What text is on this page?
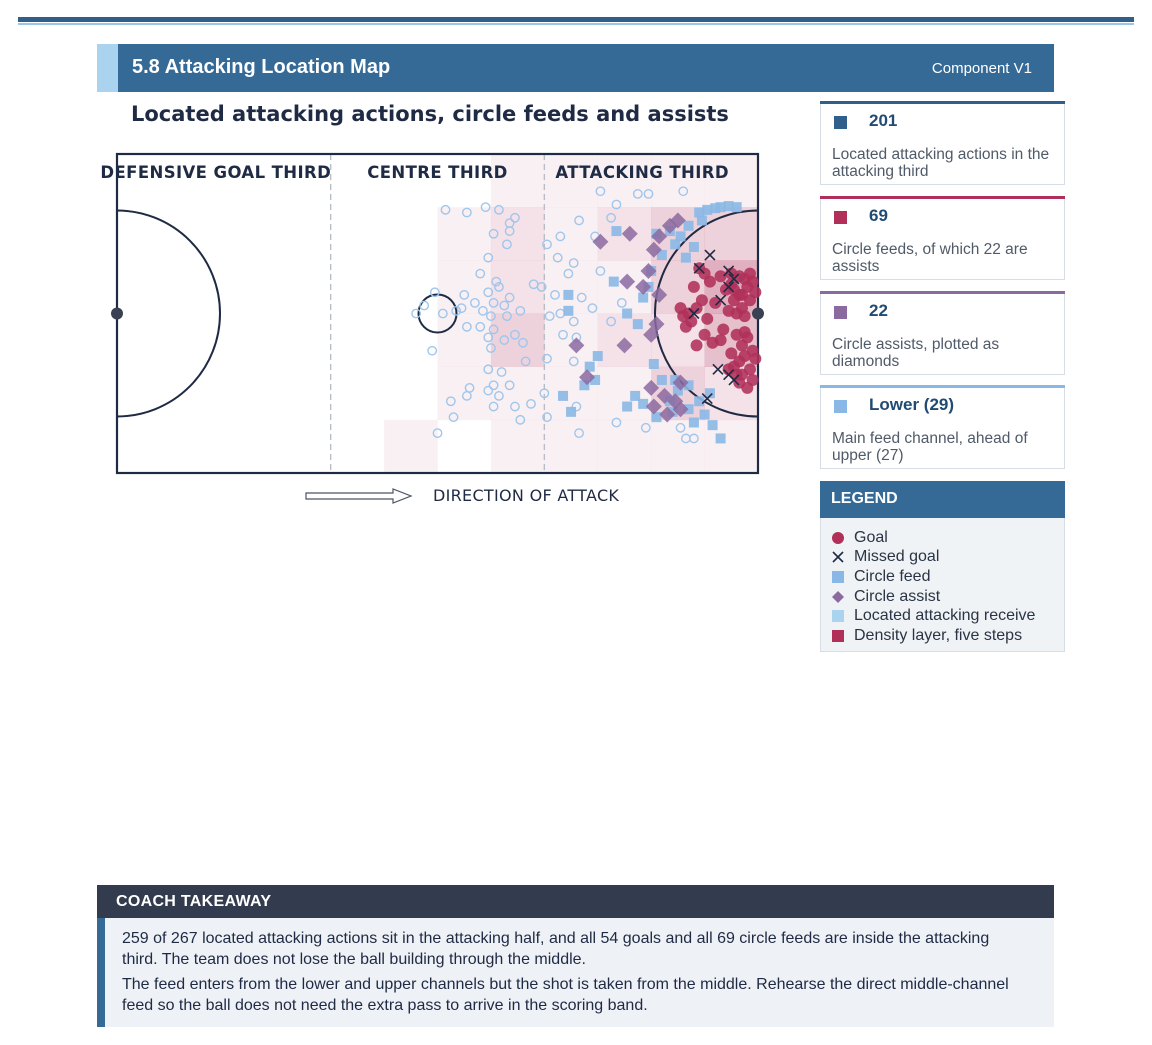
5.8 Attacking Location Map	Component V1
Located attacking actions, circle feeds and assists
DEFENSIVE GOAL THIRD CENTRE THIRD	ATTACKING THIRD
DIRECTION OF ATTACK
201
Located attacking actions in the attacking third
69
Circle feeds, of which 22 are assists
22
Circle assists, plotted as diamonds
Lower (29)
Main feed channel, ahead of upper (27)
LEGEND
Goal
Missed goal
Circle feed
Circle assist
Located attacking receive
Density layer, five steps
COACH TAKEAWAY

259 of 267 located attacking actions sit in the attacking half, and all 54 goals and all 69 circle feeds are inside the attacking third. The team does not lose the ball building through the middle.

The feed enters from the lower and upper channels but the shot is taken from the middle. Rehearse the direct middle-channel feed so the ball does not need the extra pass to arrive in the scoring band.
